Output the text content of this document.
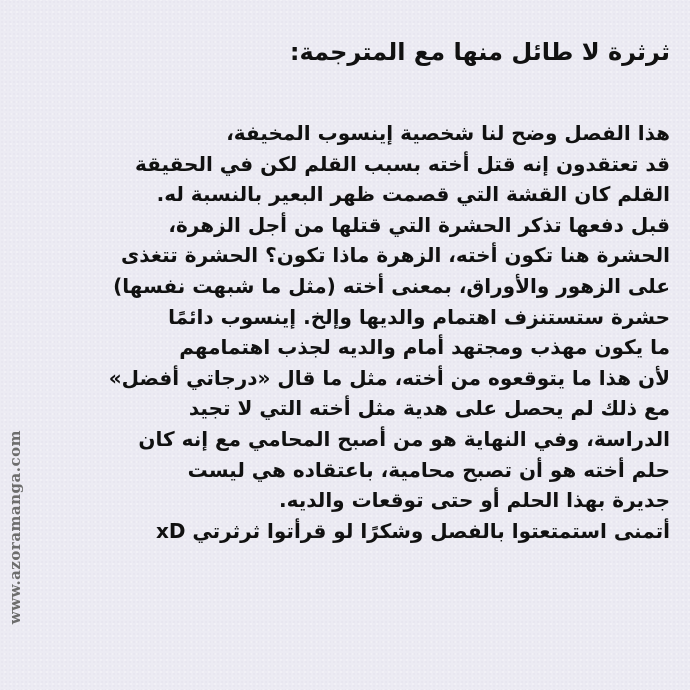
ثرثرة لا طائل منها مع المترجمة:
هذا الفصل وضح لنا شخصية إينسوب المخيفة،
قد تعتقدون إنه قتل أخته بسبب القلم لكن في الحقيقة
القلم كان القشة التي قصمت ظهر البعير بالنسبة له.
قبل دفعها تذكر الحشرة التي قتلها من أجل الزهرة،
الحشرة هنا تكون أخته، الزهرة ماذا تكون؟ الحشرة تتغذى
على الزهور والأوراق، بمعنى أخته (مثل ما شبهت نفسها)
حشرة ستستنزف اهتمام والديها وإلخ. إينسوب دائمًا
ما يكون مهذب ومجتهد أمام والديه لجذب اهتمامهم
لأن هذا ما يتوقعوه من أخته، مثل ما قال «درجاتي أفضل»
مع ذلك لم يحصل على هدية مثل أخته التي لا تجيد
الدراسة، وفي النهاية هو من أصبح المحامي مع إنه كان
حلم أخته هو أن تصبح محامية، باعتقاده هي ليست
جديرة بهذا الحلم أو حتى توقعات والديه.
أتمنى استمتعتوا بالفصل وشكرًا لو قرأتوا ثرثرتي xD
www.azoramanga.com
